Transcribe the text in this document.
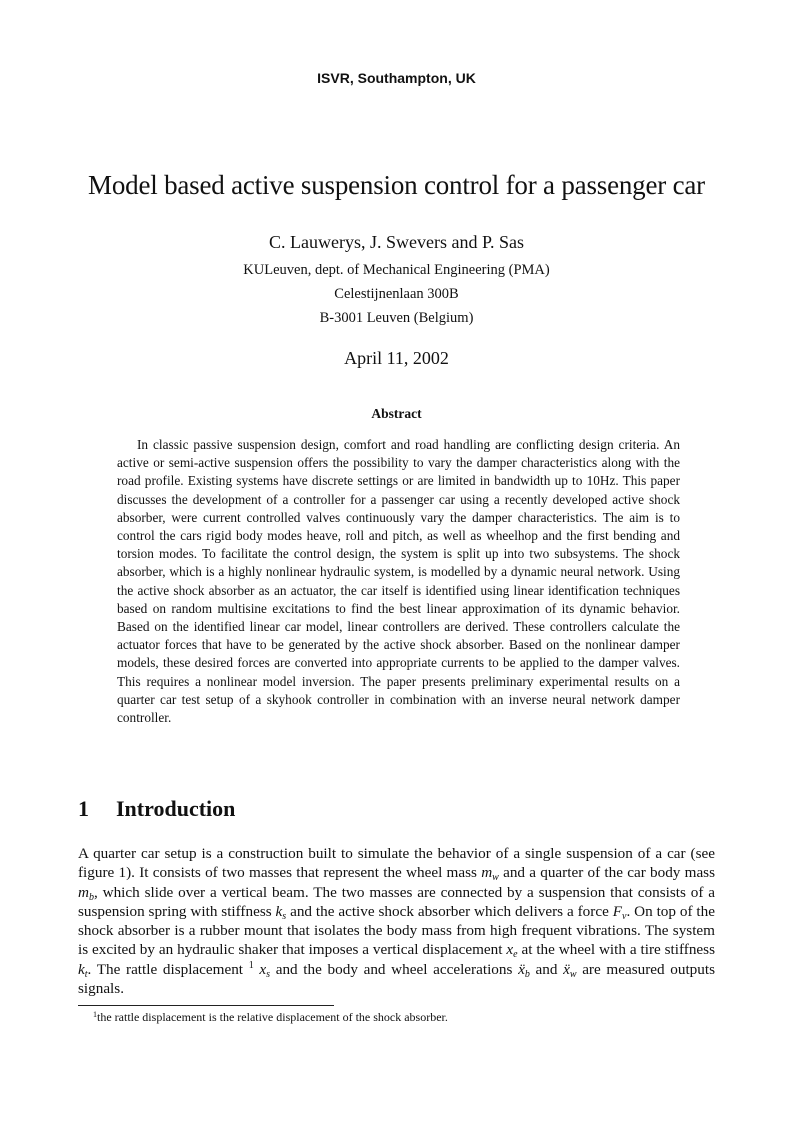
ISVR, Southampton, UK
Model based active suspension control for a passenger car
C. Lauwerys, J. Swevers and P. Sas
KULeuven, dept. of Mechanical Engineering (PMA)
Celestijnenlaan 300B
B-3001 Leuven (Belgium)
April 11, 2002
Abstract
In classic passive suspension design, comfort and road handling are conflicting design criteria. An active or semi-active suspension offers the possibility to vary the damper characteristics along with the road profile. Existing systems have discrete settings or are limited in bandwidth up to 10Hz. This paper discusses the development of a controller for a passenger car using a recently developed active shock absorber, were current controlled valves continuously vary the damper characteristics. The aim is to control the cars rigid body modes heave, roll and pitch, as well as wheelhop and the first bending and torsion modes. To facilitate the control design, the system is split up into two subsystems. The shock absorber, which is a highly nonlinear hydraulic system, is modelled by a dynamic neural network. Using the active shock absorber as an actuator, the car itself is identified using linear identification techniques based on random multisine excitations to find the best linear approximation of its dynamic behavior. Based on the identified linear car model, linear controllers are derived. These controllers calculate the actuator forces that have to be generated by the active shock absorber. Based on the nonlinear damper models, these desired forces are converted into appropriate currents to be applied to the damper valves. This requires a nonlinear model inversion. The paper presents preliminary experimental results on a quarter car test setup of a skyhook controller in combination with an inverse neural network damper controller.
1 Introduction
A quarter car setup is a construction built to simulate the behavior of a single suspension of a car (see figure 1). It consists of two masses that represent the wheel mass $m_w$ and a quarter of the car body mass $m_b$, which slide over a vertical beam. The two masses are connected by a suspension that consists of a suspension spring with stiffness $k_s$ and the active shock absorber which delivers a force $F_v$. On top of the shock absorber is a rubber mount that isolates the body mass from high frequent vibrations. The system is excited by an hydraulic shaker that imposes a vertical displacement $x_e$ at the wheel with a tire stiffness $k_t$. The rattle displacement $^1$ $x_s$ and the body and wheel accelerations ẍ$_b$ and ẍ$_w$ are measured outputs signals.
$^1$the rattle displacement is the relative displacement of the shock absorber.
